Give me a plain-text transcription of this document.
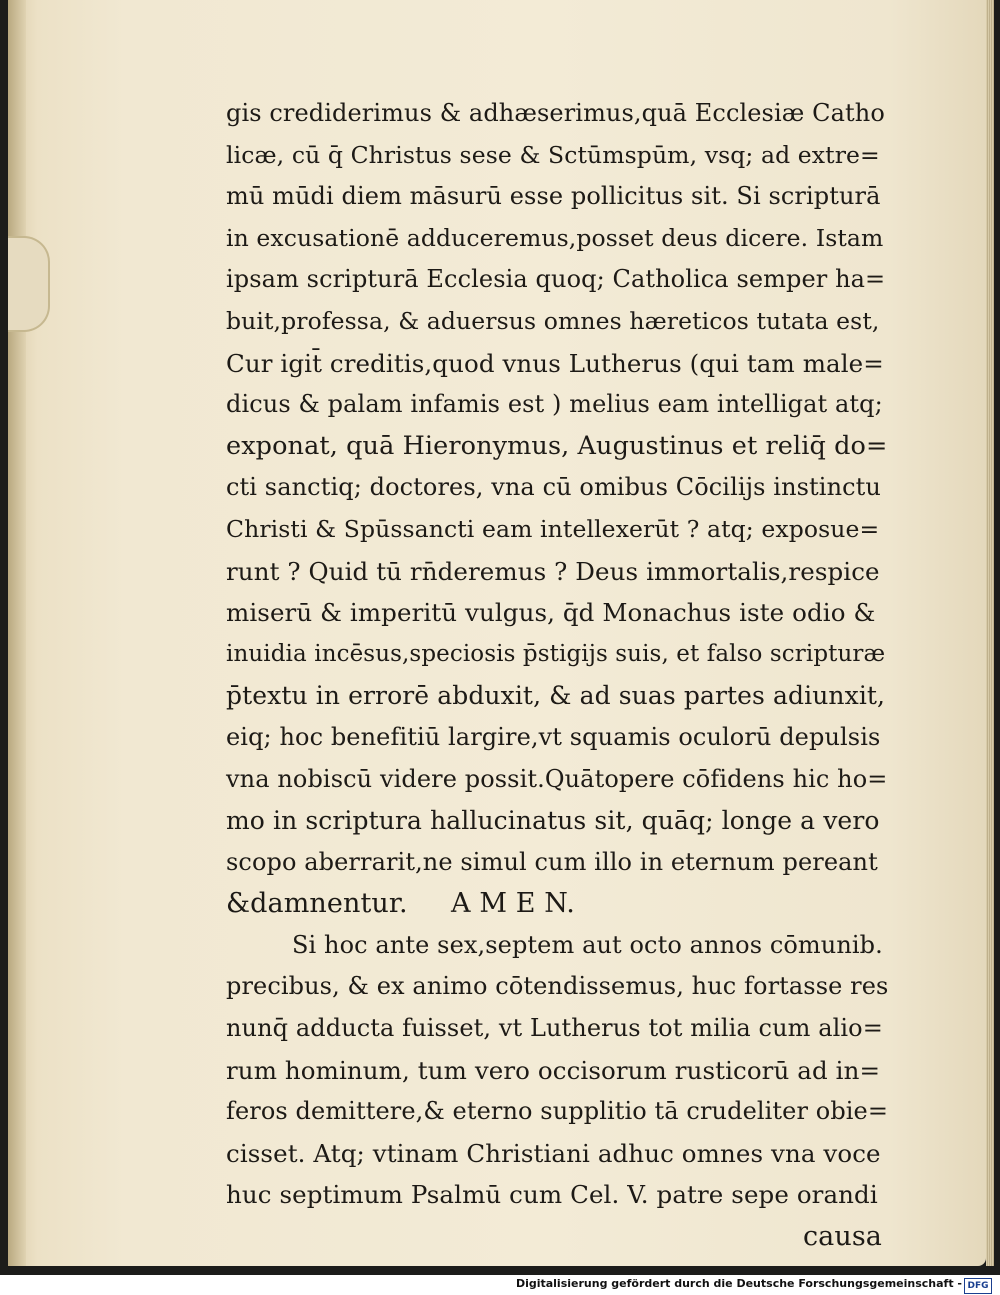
gis crediderimus & adhæserimus,quā Ecclesiæ Catho
licæ, cū q̄ Christus sese & Sctūmspūm, vsq; ad extre=
mū mūdi diem māsurū esse pollicitus sit. Si scripturā
in excusationē adduceremus,posset deus dicere. Istam
ipsam scripturā Ecclesia quoq; Catholica semper ha=
buit,professa, & aduersus omnes hæreticos tutata est,
Cur igit̄ creditis,quod vnus Lutherus (qui tam male=
dicus & palam infamis est ) melius eam intelligat atq;
exponat, quā Hieronymus, Augustinus et reliq̄ do=
cti sanctiq; doctores, vna cū omibus Cōcilijs instinctu
Christi & Spūssancti eam intellexerūt ? atq; exposue=
runt ? Quid tū rn̄deremus ? Deus immortalis,respice
miserū & imperitū vulgus, q̄d Monachus iste odio &
inuidia incēsus,speciosis p̄stigijs suis, et falso scripturæ
p̄textu in errorē abduxit, & ad suas partes adiunxit,
eiq; hoc benefitiū largire,vt squamis oculorū depulsis
vna nobiscū videre possit.Quātopere cōfidens hic ho=
mo in scriptura hallucinatus sit, quāq; longe a vero
scopo aberrarit,ne simul cum illo in eternum pereant
&damnentur.     A M E N.
Si hoc ante sex,septem aut octo annos cōmunib.
precibus, & ex animo cōtendissemus, huc fortasse res
nunq̄ adducta fuisset, vt Lutherus tot milia cum alio=
rum hominum, tum vero occisorum rusticorū ad in=
feros demittere,& eterno supplitio tā crudeliter obie=
cisset. Atq; vtinam Christiani adhuc omnes vna voce
huc septimum Psalmū cum Cel. V. patre sepe orandi
causa
Digitalisierung gefördert durch die Deutsche Forschungsgemeinschaft - DFG
